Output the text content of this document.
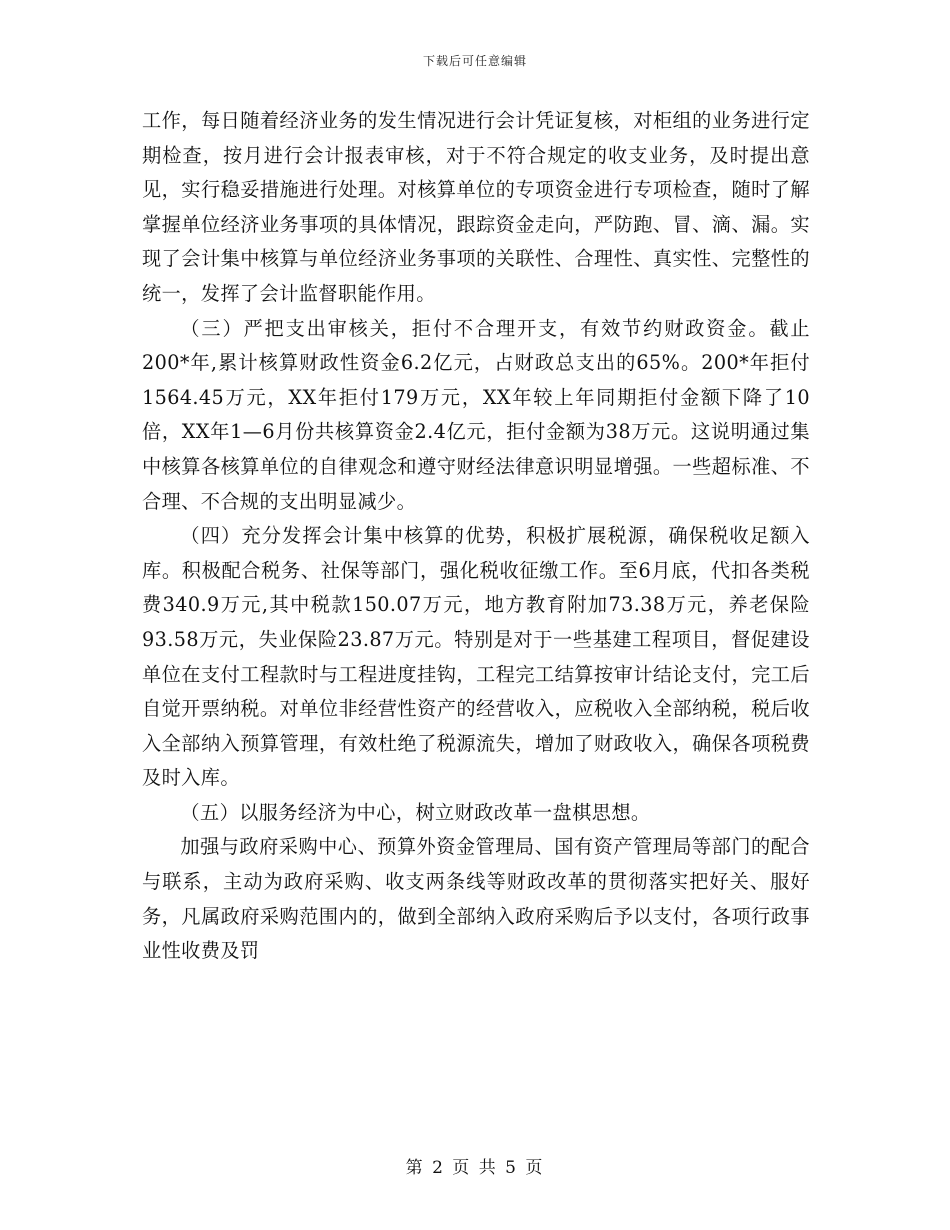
下载后可任意编辑

工作，每日随着经济业务的发生情况进行会计凭证复核，对柜组的业务进行定期检查，按月进行会计报表审核，对于不符合规定的收支业务，及时提出意见，实行稳妥措施进行处理。对核算单位的专项资金进行专项检查，随时了解掌握单位经济业务事项的具体情况，跟踪资金走向，严防跑、冒、滴、漏。实现了会计集中核算与单位经济业务事项的关联性、合理性、真实性、完整性的统一，发挥了会计监督职能作用。

（三）严把支出审核关，拒付不合理开支，有效节约财政资金。截止200*年,累计核算财政性资金6.2亿元，占财政总支出的65%。200*年拒付1564.45万元，XX年拒付179万元，XX年较上年同期拒付金额下降了10倍，XX年1—6月份共核算资金2.4亿元，拒付金额为38万元。这说明通过集中核算各核算单位的自律观念和遵守财经法律意识明显增强。一些超标准、不合理、不合规的支出明显减少。

（四）充分发挥会计集中核算的优势，积极扩展税源，确保税收足额入库。积极配合税务、社保等部门，强化税收征缴工作。至6月底，代扣各类税费340.9万元,其中税款150.07万元，地方教育附加73.38万元，养老保险93.58万元，失业保险23.87万元。特别是对于一些基建工程项目，督促建设单位在支付工程款时与工程进度挂钩，工程完工结算按审计结论支付，完工后自觉开票纳税。对单位非经营性资产的经营收入，应税收入全部纳税，税后收入全部纳入预算管理，有效杜绝了税源流失，增加了财政收入，确保各项税费及时入库。

（五）以服务经济为中心，树立财政改革一盘棋思想。

加强与政府采购中心、预算外资金管理局、国有资产管理局等部门的配合与联系，主动为政府采购、收支两条线等财政改革的贯彻落实把好关、服好务，凡属政府采购范围内的，做到全部纳入政府采购后予以支付，各项行政事业性收费及罚

第 2 页 共 5 页
